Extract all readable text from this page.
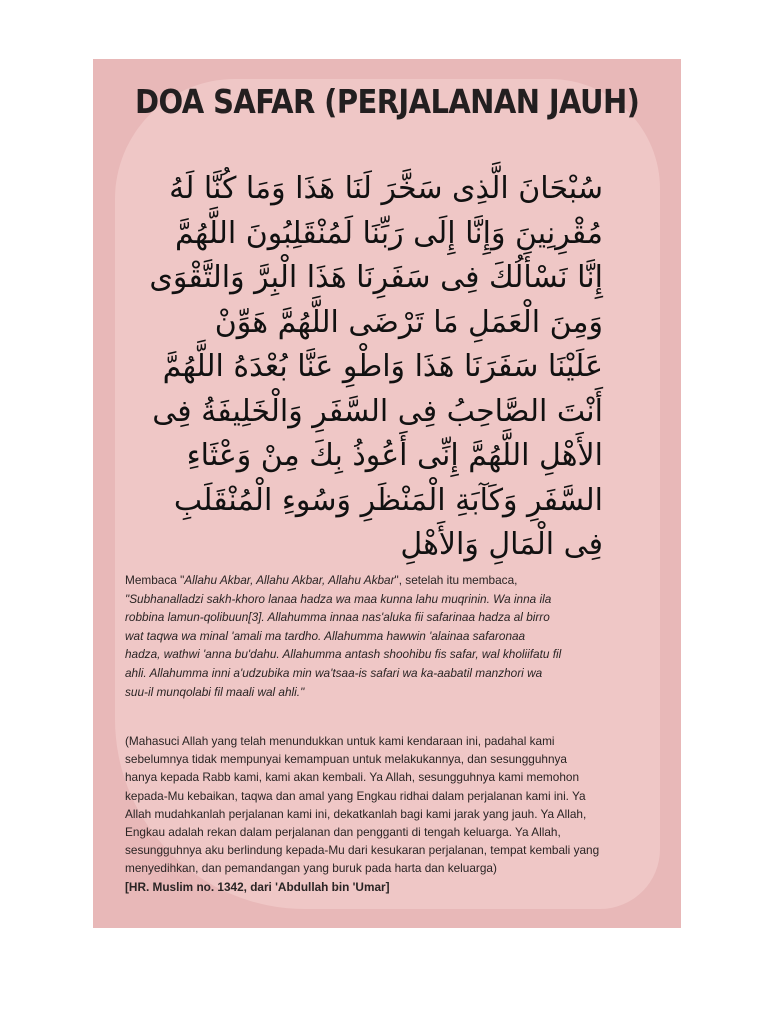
DOA SAFAR (PERJALANAN JAUH)
سُبْحَانَ الَّذِى سَخَّرَ لَنَا هَذَا وَمَا كُنَّا لَهُ
مُقْرِنِينَ وَإِنَّا إِلَى رَبِّنَا لَمُنْقَلِبُونَ اللَّهُمَّ
إِنَّا نَسْأَلُكَ فِى سَفَرِنَا هَذَا الْبِرَّ وَالتَّقْوَى
وَمِنَ الْعَمَلِ مَا تَرْضَى اللَّهُمَّ هَوِّنْ
عَلَيْنَا سَفَرَنَا هَذَا وَاطْوِ عَنَّا بُعْدَهُ اللَّهُمَّ
أَنْتَ الصَّاحِبُ فِى السَّفَرِ وَالْخَلِيفَةُ فِى
الأَهْلِ اللَّهُمَّ إِنِّى أَعُوذُ بِكَ مِنْ وَعْثَاءِ
السَّفَرِ وَكَآبَةِ الْمَنْظَرِ وَسُوءِ الْمُنْقَلَبِ
فِى الْمَالِ وَالأَهْلِ
Membaca "Allahu Akbar, Allahu Akbar, Allahu Akbar", setelah itu membaca,
"Subhanalladzi sakh-khoro lanaa hadza wa maa kunna lahu muqrinin. Wa inna ila
robbina lamun-qolibuun[3]. Allahumma innaa nas'aluka fii safarinaa hadza al birro
wat taqwa wa minal 'amali ma tardho. Allahumma hawwin 'alainaa safaronaa
hadza, wathwi 'anna bu'dahu. Allahumma antash shoohibu fis safar, wal kholiifatu fil
ahli. Allahumma inni a'udzubika min wa'tsaa-is safari wa ka-aabatil manzhori wa
suu-il munqolabi fil maali wal ahli."
(Mahasuci Allah yang telah menundukkan untuk kami kendaraan ini, padahal kami
sebelumnya tidak mempunyai kemampuan untuk melakukannya, dan sesungguhnya
hanya kepada Rabb kami, kami akan kembali. Ya Allah, sesungguhnya kami memohon
kepada-Mu kebaikan, taqwa dan amal yang Engkau ridhai dalam perjalanan kami ini. Ya
Allah mudahkanlah perjalanan kami ini, dekatkanlah bagi kami jarak yang jauh. Ya Allah,
Engkau adalah rekan dalam perjalanan dan pengganti di tengah keluarga. Ya Allah,
sesungguhnya aku berlindung kepada-Mu dari kesukaran perjalanan, tempat kembali yang
menyedihkan, dan pemandangan yang buruk pada harta dan keluarga)
[HR. Muslim no. 1342, dari 'Abdullah bin 'Umar]
